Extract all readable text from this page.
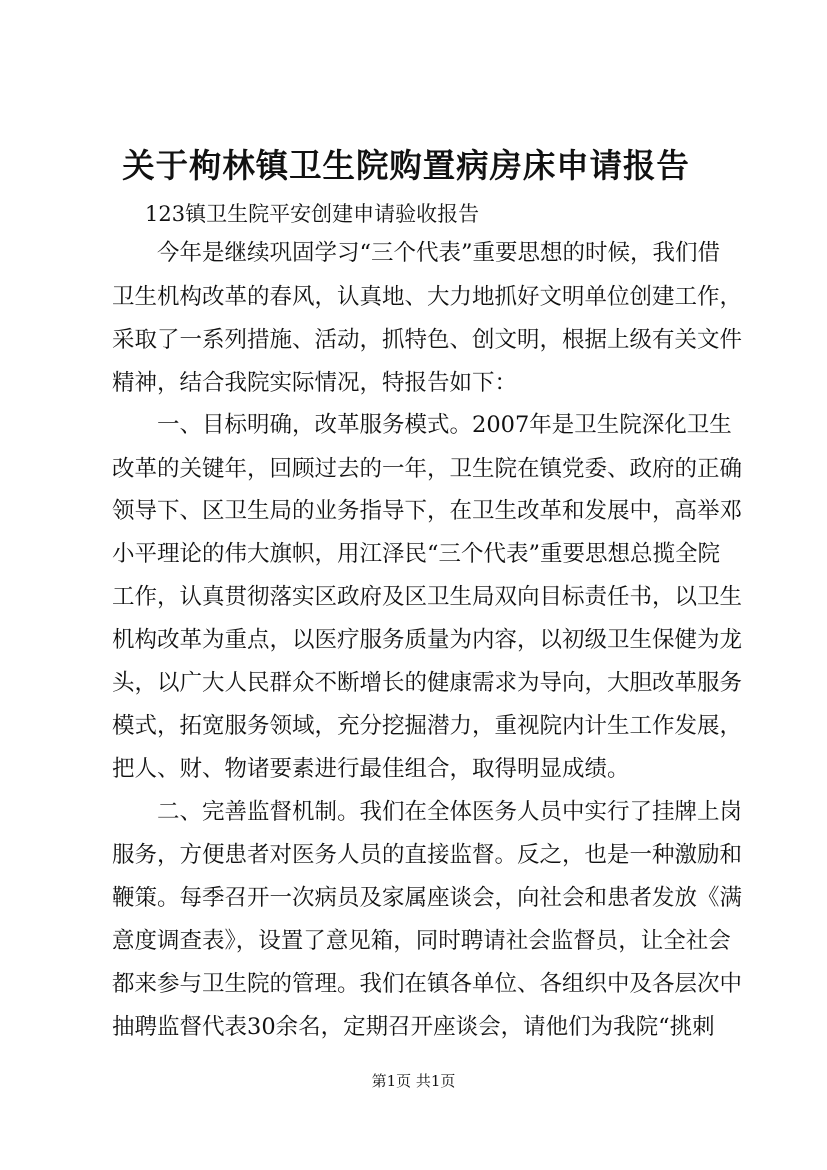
关于枸林镇卫生院购置病房床申请报告
123镇卫生院平安创建申请验收报告
今年是继续巩固学习“三个代表”重要思想的时候，我们借
卫生机构改革的春风，认真地、大力地抓好文明单位创建工作，
采取了一系列措施、活动，抓特色、创文明，根据上级有关文件
精神，结合我院实际情况，特报告如下：
一、目标明确，改革服务模式。2007年是卫生院深化卫生
改革的关键年，回顾过去的一年，卫生院在镇党委、政府的正确
领导下、区卫生局的业务指导下，在卫生改革和发展中，高举邓
小平理论的伟大旗帜，用江泽民“三个代表”重要思想总揽全院
工作，认真贯彻落实区政府及区卫生局双向目标责任书，以卫生
机构改革为重点，以医疗服务质量为内容，以初级卫生保健为龙
头，以广大人民群众不断增长的健康需求为导向，大胆改革服务
模式，拓宽服务领域，充分挖掘潜力，重视院内计生工作发展，
把人、财、物诸要素进行最佳组合，取得明显成绩。
二、完善监督机制。我们在全体医务人员中实行了挂牌上岗
服务，方便患者对医务人员的直接监督。反之，也是一种激励和
鞭策。每季召开一次病员及家属座谈会，向社会和患者发放《满
意度调查表》，设置了意见箱，同时聘请社会监督员，让全社会
都来参与卫生院的管理。我们在镇各单位、各组织中及各层次中
抽聘监督代表30余名，定期召开座谈会，请他们为我院“挑刺
第1页 共1页
